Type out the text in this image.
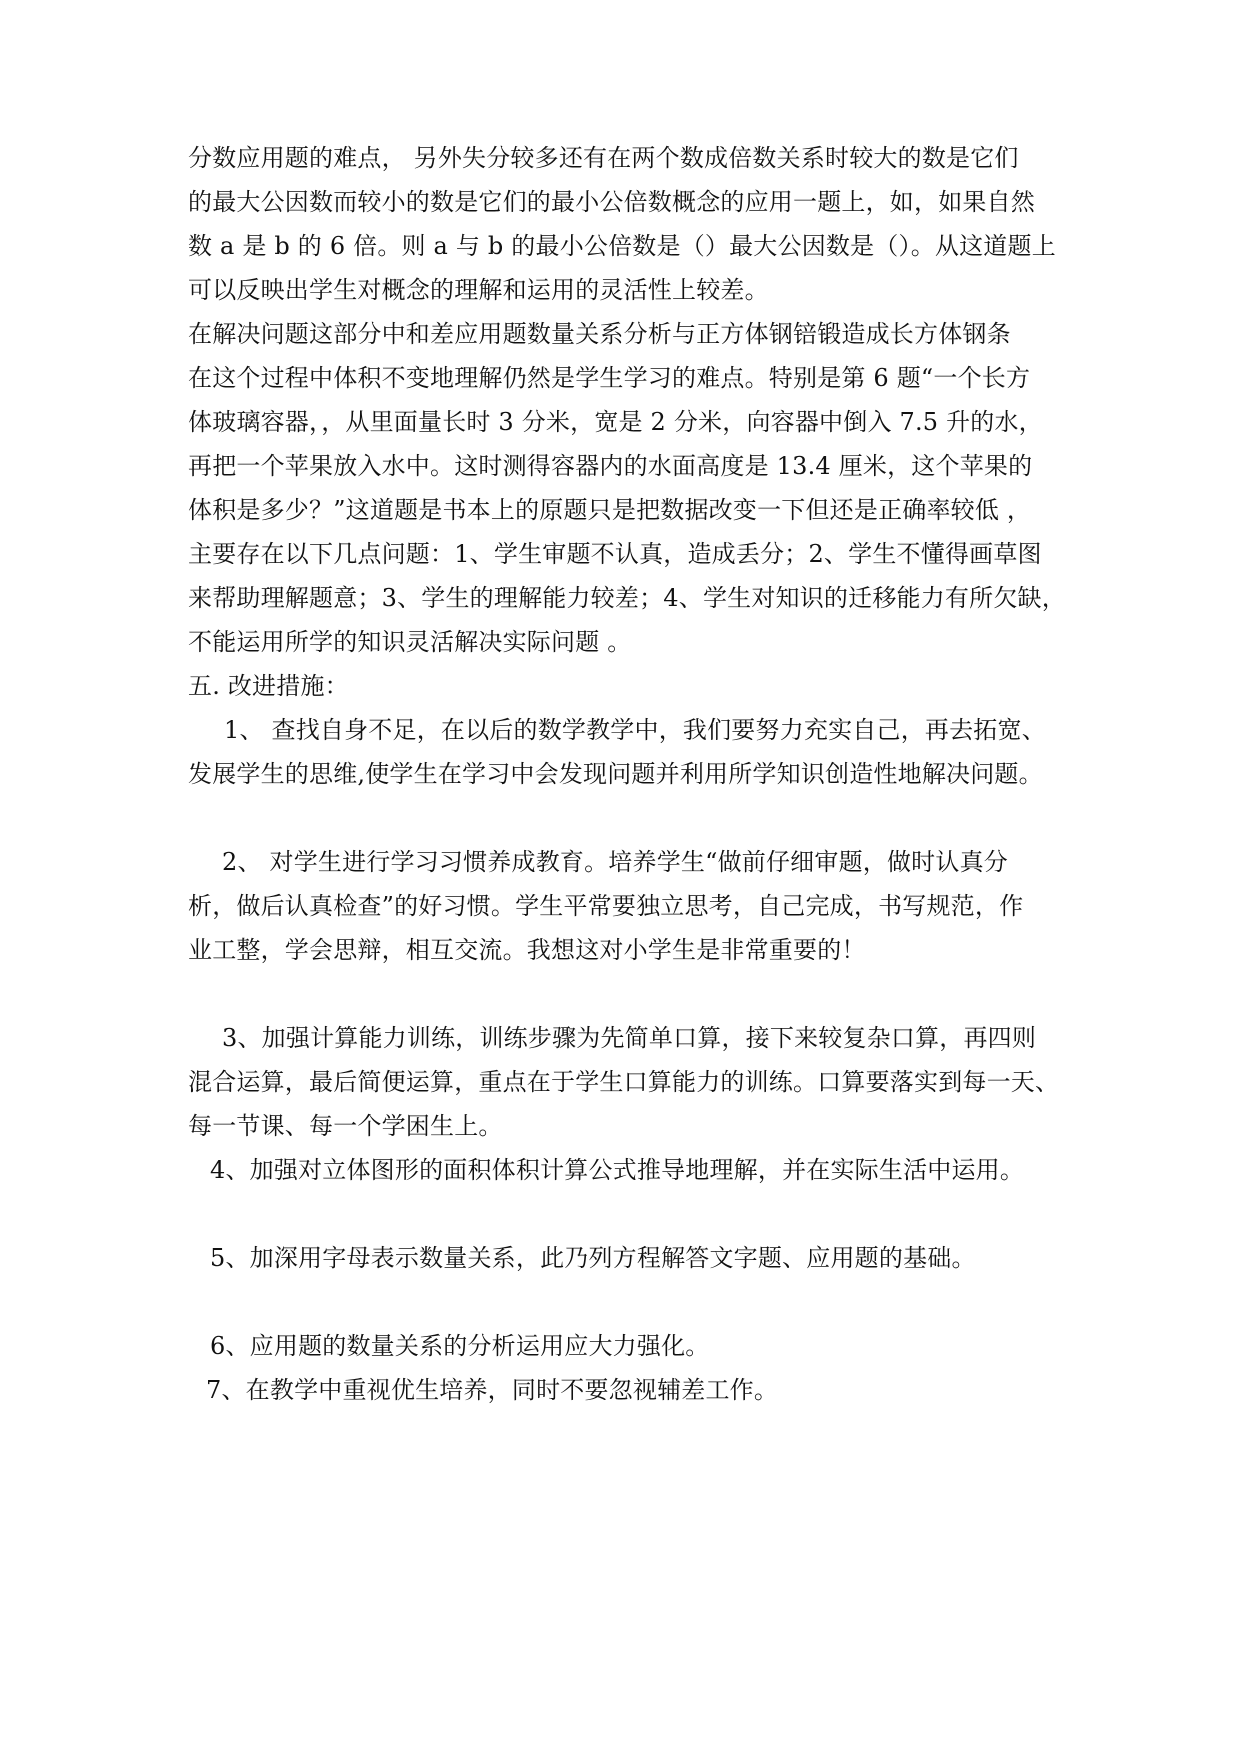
分数应用题的难点， 另外失分较多还有在两个数成倍数关系时较大的数是它们
的最大公因数而较小的数是它们的最小公倍数概念的应用一题上，如，如果自然
数 a 是 b 的 6 倍。则 a 与 b 的最小公倍数是（）最大公因数是（）。从这道题上
可以反映出学生对概念的理解和运用的灵活性上较差。
在解决问题这部分中和差应用题数量关系分析与正方体钢锫锻造成长方体钢条
在这个过程中体积不变地理解仍然是学生学习的难点。特别是第 6 题“一个长方
体玻璃容器，，从里面量长时 3 分米，宽是 2 分米，向容器中倒入 7.5 升的水，
再把一个苹果放入水中。这时测得容器内的水面高度是 13.4 厘米，这个苹果的
体积是多少？”这道题是书本上的原题只是把数据改变一下但还是正确率较低 ，
主要存在以下几点问题：1、学生审题不认真，造成丢分；2、学生不懂得画草图
来帮助理解题意；3、学生的理解能力较差；4、学生对知识的迁移能力有所欠缺，
不能运用所学的知识灵活解决实际问题 。
五. 改进措施：
1、 查找自身不足，在以后的数学教学中，我们要努力充实自己，再去拓宽、
发展学生的思维,使学生在学习中会发现问题并利用所学知识创造性地解决问题。
2、 对学生进行学习习惯养成教育。培养学生“做前仔细审题，做时认真分
析，做后认真检查”的好习惯。学生平常要独立思考，自己完成，书写规范，作
业工整，学会思辩，相互交流。我想这对小学生是非常重要的！
3、加强计算能力训练，训练步骤为先简单口算，接下来较复杂口算，再四则
混合运算，最后简便运算，重点在于学生口算能力的训练。口算要落实到每一天、
每一节课、每一个学困生上。
4、加强对立体图形的面积体积计算公式推导地理解，并在实际生活中运用。
5、加深用字母表示数量关系，此乃列方程解答文字题、应用题的基础。
6、应用题的数量关系的分析运用应大力强化。
7、在教学中重视优生培养，同时不要忽视辅差工作。
